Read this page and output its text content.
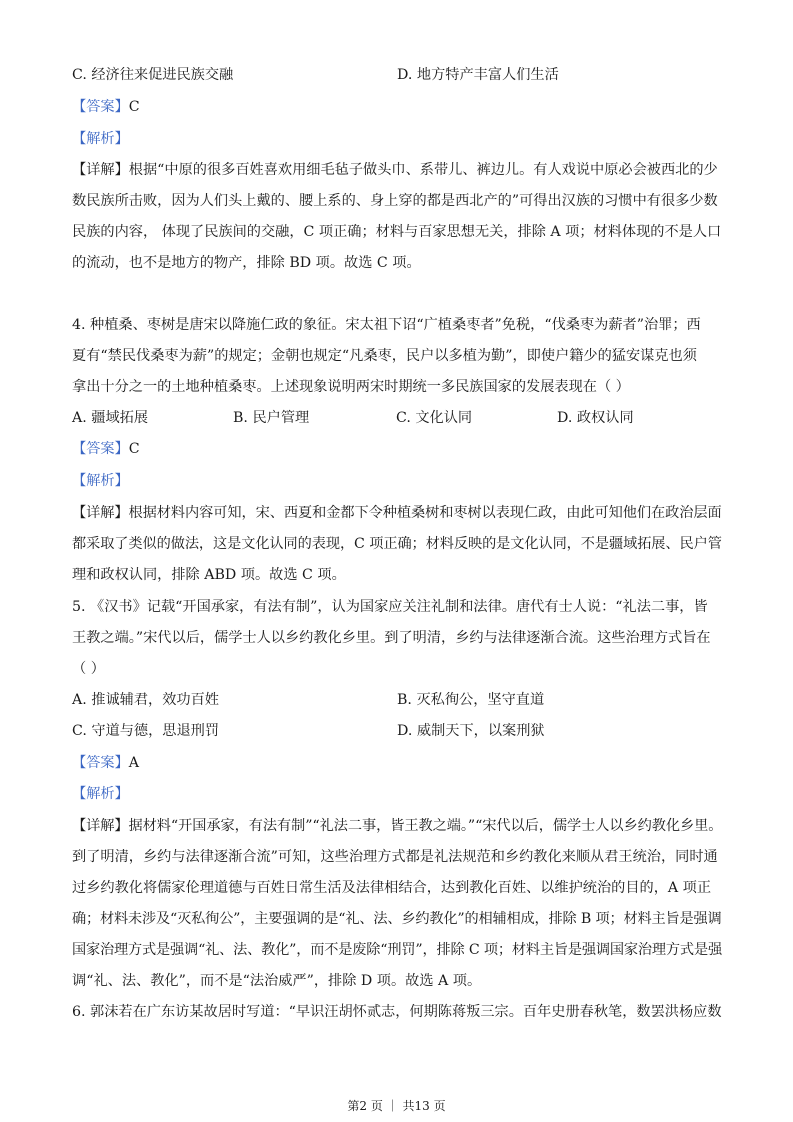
C. 经济往来促进民族交融	D. 地方特产丰富人们生活
【答案】C
【解析】
【详解】根据“中原的很多百姓喜欢用细毛毡子做头巾、系带儿、裤边儿。有人戏说中原必会被西北的少
数民族所击败，因为人们头上戴的、腰上系的、身上穿的都是西北产的”可得出汉族的习惯中有很多少数
民族的内容， 体现了民族间的交融，C 项正确；材料与百家思想无关，排除 A 项；材料体现的不是人口
的流动，也不是地方的物产，排除 BD 项。故选 C 项。
4. 种植桑、枣树是唐宋以降施仁政的象征。宋太祖下诏“广植桑枣者”免税，“伐桑枣为薪者”治罪；西
夏有“禁民伐桑枣为薪”的规定；金朝也规定“凡桑枣，民户以多植为勤”，即使户籍少的猛安谋克也须
拿出十分之一的土地种植桑枣。上述现象说明两宋时期统一多民族国家的发展表现在（ ）
A. 疆域拓展	B. 民户管理	C. 文化认同	D. 政权认同
【答案】C
【解析】
【详解】根据材料内容可知，宋、西夏和金都下令种植桑树和枣树以表现仁政，由此可知他们在政治层面
都采取了类似的做法，这是文化认同的表现，C 项正确；材料反映的是文化认同，不是疆域拓展、民户管
理和政权认同，排除 ABD 项。故选 C 项。
5. 《汉书》记载“开国承家，有法有制”，认为国家应关注礼制和法律。唐代有士人说：“礼法二事，皆
王教之端。”宋代以后，儒学士人以乡约教化乡里。到了明清，乡约与法律逐渐合流。这些治理方式旨在
（ ）
A. 推诚辅君，效功百姓	B. 灭私徇公，坚守直道
C. 守道与德，思退刑罚	D. 威制天下，以案刑狱
【答案】A
【解析】
【详解】据材料“开国承家，有法有制”“礼法二事，皆王教之端。”“宋代以后，儒学士人以乡约教化乡里。
到了明清，乡约与法律逐渐合流”可知，这些治理方式都是礼法规范和乡约教化来顺从君王统治，同时通
过乡约教化将儒家伦理道德与百姓日常生活及法律相结合，达到教化百姓、以维护统治的目的，A 项正
确；材料未涉及“灭私徇公”，主要强调的是“礼、法、乡约教化”的相辅相成，排除 B 项；材料主旨是强调
国家治理方式是强调“礼、法、教化”，而不是废除“刑罚”，排除 C 项；材料主旨是强调国家治理方式是强
调“礼、法、教化”，而不是“法治威严”，排除 D 项。故选 A 项。
6. 郭沫若在广东访某故居时写道：“早识汪胡怀贰志，何期陈蒋叛三宗。百年史册春秋笔，数罢洪杨应数
第2 页 ｜ 共13 页
